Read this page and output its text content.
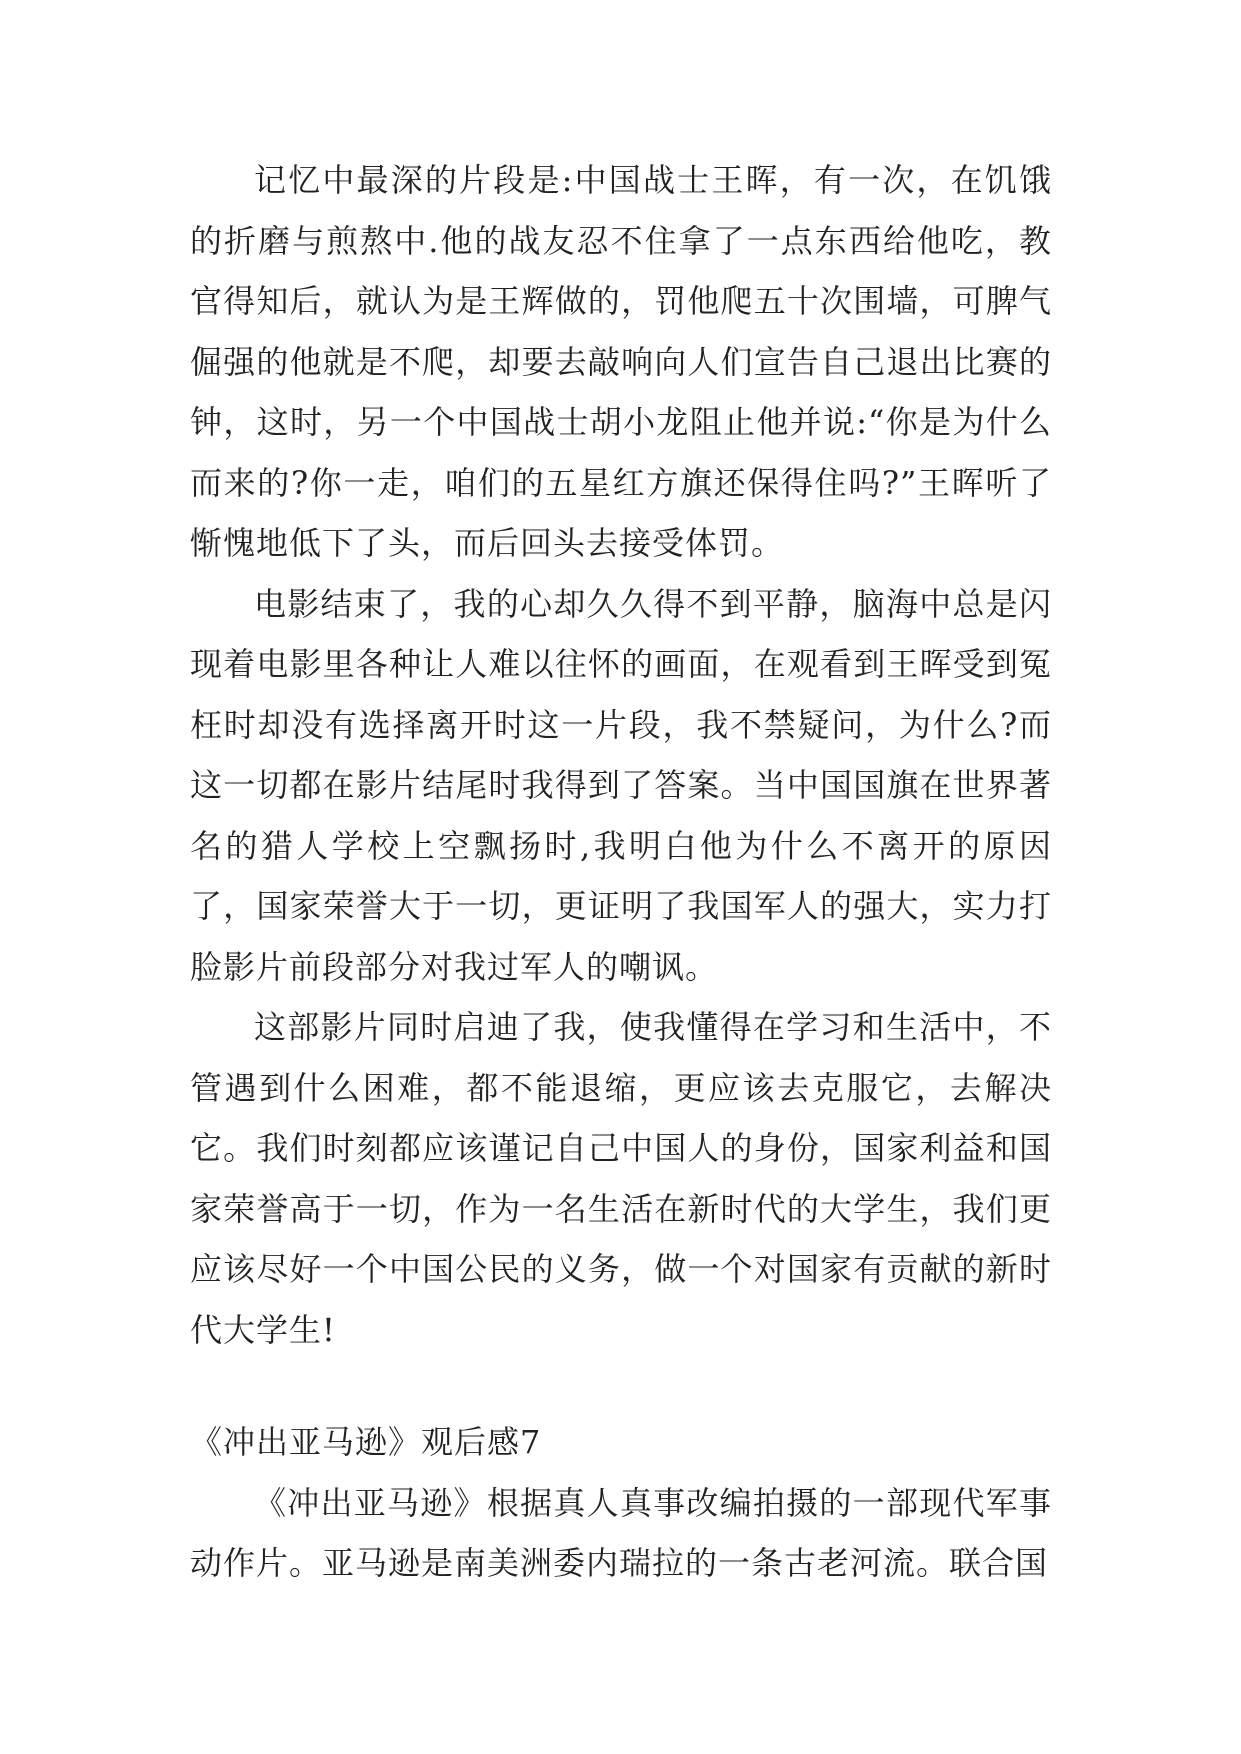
记忆中最深的片段是:中国战士王晖，有一次，在饥饿的折磨与煎熬中.他的战友忍不住拿了一点东西给他吃，教官得知后，就认为是王辉做的，罚他爬五十次围墙，可脾气倔强的他就是不爬，却要去敲响向人们宣告自己退出比赛的钟，这时，另一个中国战士胡小龙阻止他并说:“你是为什么而来的?你一走，咱们的五星红方旗还保得住吗?”王晖听了惭愧地低下了头，而后回头去接受体罚。

电影结束了，我的心却久久得不到平静，脑海中总是闪现着电影里各种让人难以往怀的画面，在观看到王晖受到冤枉时却没有选择离开时这一片段，我不禁疑问，为什么?而这一切都在影片结尾时我得到了答案。当中国国旗在世界著名的猎人学校上空飘扬时,我明白他为什么不离开的原因了，国家荣誉大于一切，更证明了我国军人的强大，实力打脸影片前段部分对我过军人的嘲讽。

这部影片同时启迪了我，使我懂得在学习和生活中，不管遇到什么困难，都不能退缩，更应该去克服它，去解决它。我们时刻都应该谨记自己中国人的身份，国家利益和国家荣誉高于一切，作为一名生活在新时代的大学生，我们更应该尽好一个中国公民的义务，做一个对国家有贡献的新时代大学生!

《冲出亚马逊》观后感7

《冲出亚马逊》根据真人真事改编拍摄的一部现代军事动作片。亚马逊是南美洲委内瑞拉的一条古老河流。联合国
